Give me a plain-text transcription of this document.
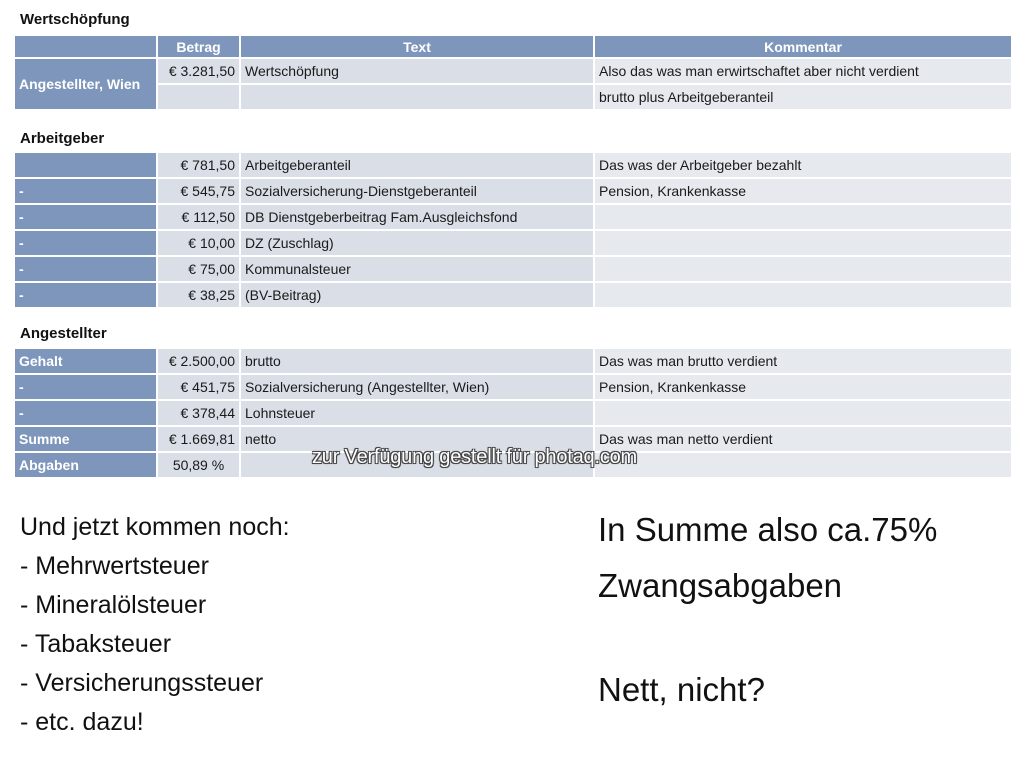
Wertschöpfung
	Betrag	Text	Kommentar
Angestellter, Wien	€ 3.281,50	Wertschöpfung	Also das was man erwirtschaftet aber nicht verdient
			brutto plus Arbeitgeberanteil
Arbeitgeber
	€ 781,50	Arbeitgeberanteil	Das was der Arbeitgeber bezahlt
-	€ 545,75	Sozialversicherung-Dienstgeberanteil	Pension, Krankenkasse
-	€ 112,50	DB Dienstgeberbeitrag Fam.Ausgleichsfond	
-	€ 10,00	DZ (Zuschlag)	
-	€ 75,00	Kommunalsteuer	
-	€ 38,25	(BV-Beitrag)	
Angestellter
Gehalt	€ 2.500,00	brutto	Das was man brutto verdient
-	€ 451,75	Sozialversicherung (Angestellter, Wien)	Pension, Krankenkasse
-	€ 378,44	Lohnsteuer	
Summe	€ 1.669,81	netto	Das was man netto verdient
Abgaben	50,89 %			zur Verfügung gestellt für photaq.com
Und jetzt kommen noch:
- Mehrwertsteuer
- Mineralölsteuer
- Tabaksteuer
- Versicherungssteuer
- etc. dazu!
In Summe also ca.75%
Zwangsabgaben
Nett, nicht?
